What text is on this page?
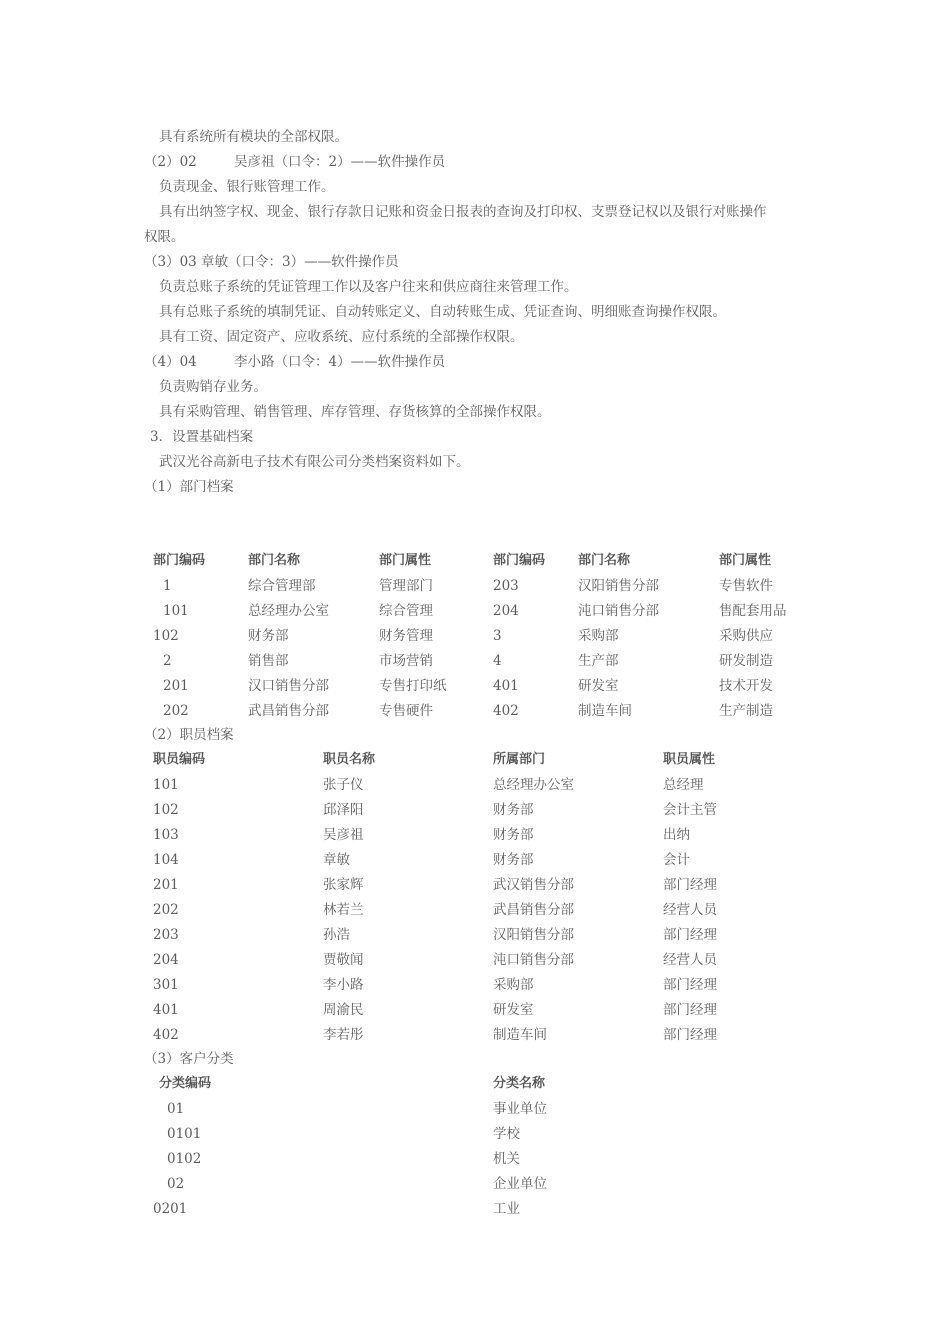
具有系统所有模块的全部权限。
（2）02	吴彦祖（口令：2）——软件操作员
负责现金、银行账管理工作。
具有出纳签字权、现金、银行存款日记账和资金日报表的查询及打印权、支票登记权以及银行对账操作
权限。
（3）03 章敏（口令：3）——软件操作员
负责总账子系统的凭证管理工作以及客户往来和供应商往来管理工作。
具有总账子系统的填制凭证、自动转账定义、自动转账生成、凭证查询、明细账查询操作权限。
具有工资、固定资产、应收系统、应付系统的全部操作权限。
（4）04	李小路（口令：4）——软件操作员
负责购销存业务。
具有采购管理、销售管理、库存管理、存货核算的全部操作权限。
3．设置基础档案
武汉光谷高新电子技术有限公司分类档案资料如下。
（1）部门档案
部门编码	部门名称	部门属性	部门编码	部门名称	部门属性
1	综合管理部	管理部门	203	汉阳销售分部	专售软件
101	总经理办公室	综合管理	204	沌口销售分部	售配套用品
102	财务部	财务管理	3	采购部	采购供应
2	销售部	市场营销	4	生产部	研发制造
201	汉口销售分部	专售打印纸	401	研发室	技术开发
202	武昌销售分部	专售硬件	402	制造车间	生产制造
（2）职员档案
职员编码	职员名称	所属部门	职员属性
101	张子仪	总经理办公室	总经理
102	邱泽阳	财务部	会计主管
103	吴彦祖	财务部	出纳
104	章敏	财务部	会计
201	张家辉	武汉销售分部	部门经理
202	林若兰	武昌销售分部	经营人员
203	孙浩	汉阳销售分部	部门经理
204	贾敬闻	沌口销售分部	经营人员
301	李小路	采购部	部门经理
401	周渝民	研发室	部门经理
402	李若彤	制造车间	部门经理
（3）客户分类
分类编码	分类名称
01	事业单位
0101	学校
0102	机关
02	企业单位
0201	工业
